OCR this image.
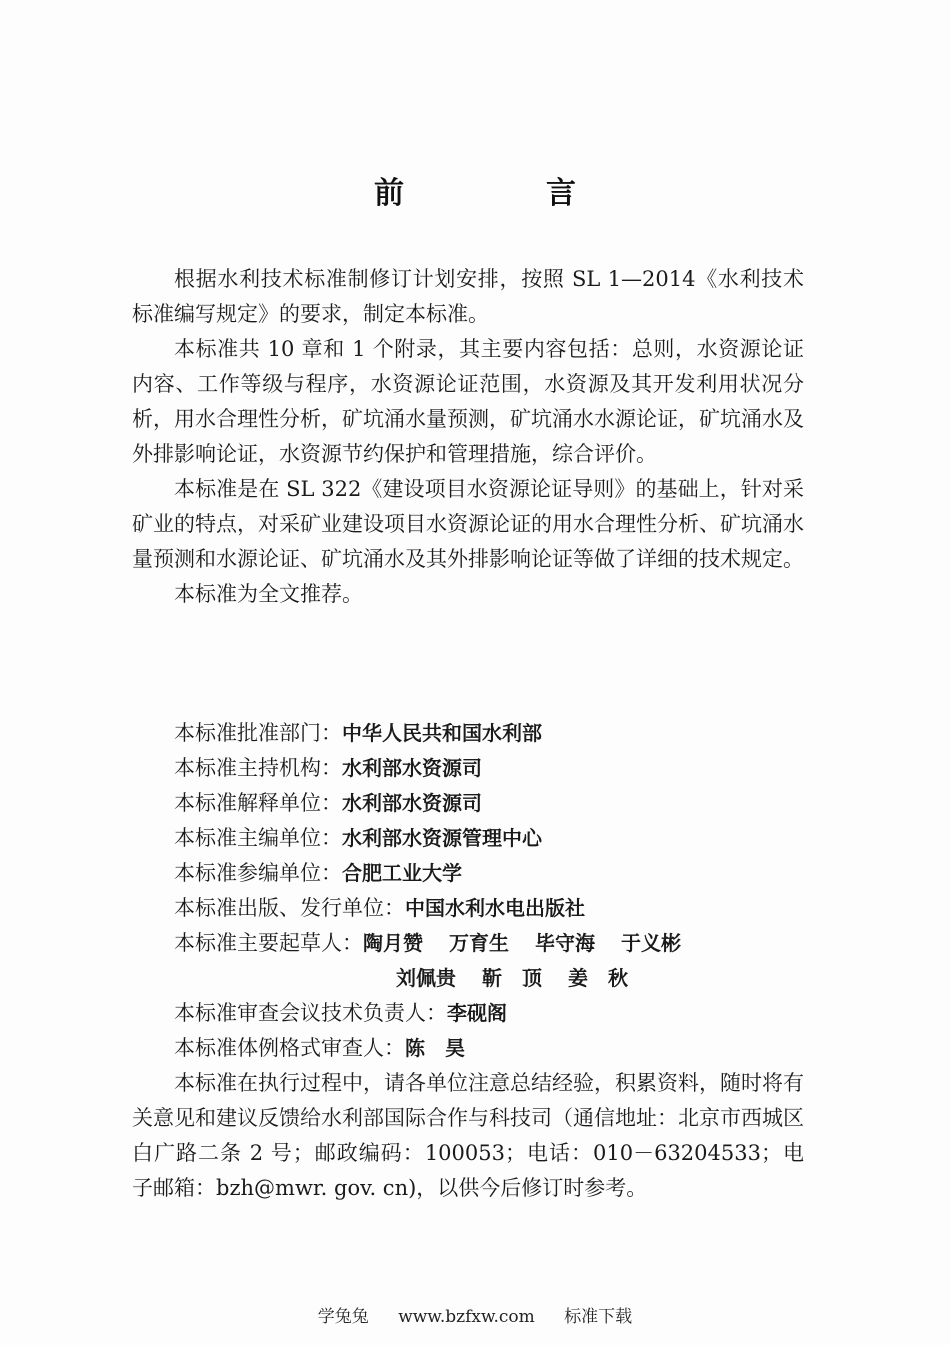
前　言

根据水利技术标准制修订计划安排，按照 SL 1—2014《水利技术标准编写规定》的要求，制定本标准。

本标准共 10 章和 1 个附录，其主要内容包括：总则，水资源论证内容、工作等级与程序，水资源论证范围，水资源及其开发利用状况分析，用水合理性分析，矿坑涌水量预测，矿坑涌水水源论证，矿坑涌水及外排影响论证，水资源节约保护和管理措施，综合评价。

本标准是在 SL 322《建设项目水资源论证导则》的基础上，针对采矿业的特点，对采矿业建设项目水资源论证的用水合理性分析、矿坑涌水量预测和水源论证、矿坑涌水及其外排影响论证等做了详细的技术规定。

本标准为全文推荐。

本标准批准部门：中华人民共和国水利部
本标准主持机构：水利部水资源司
本标准解释单位：水利部水资源司
本标准主编单位：水利部水资源管理中心
本标准参编单位：合肥工业大学
本标准出版、发行单位：中国水利水电出版社
本标准主要起草人：陶月赞 万育生 毕守海 于义彬
刘佩贵 靳　顶 姜　秋
本标准审查会议技术负责人：李砚阁
本标准体例格式审查人：陈　昊

本标准在执行过程中，请各单位注意总结经验，积累资料，随时将有关意见和建议反馈给水利部国际合作与科技司（通信地址：北京市西城区白广路二条 2 号；邮政编码：100053；电话：010－63204533；电子邮箱：bzh@mwr. gov. cn)，以供今后修订时参考。

学兔兔 www.bzfxw.com 标准下载
